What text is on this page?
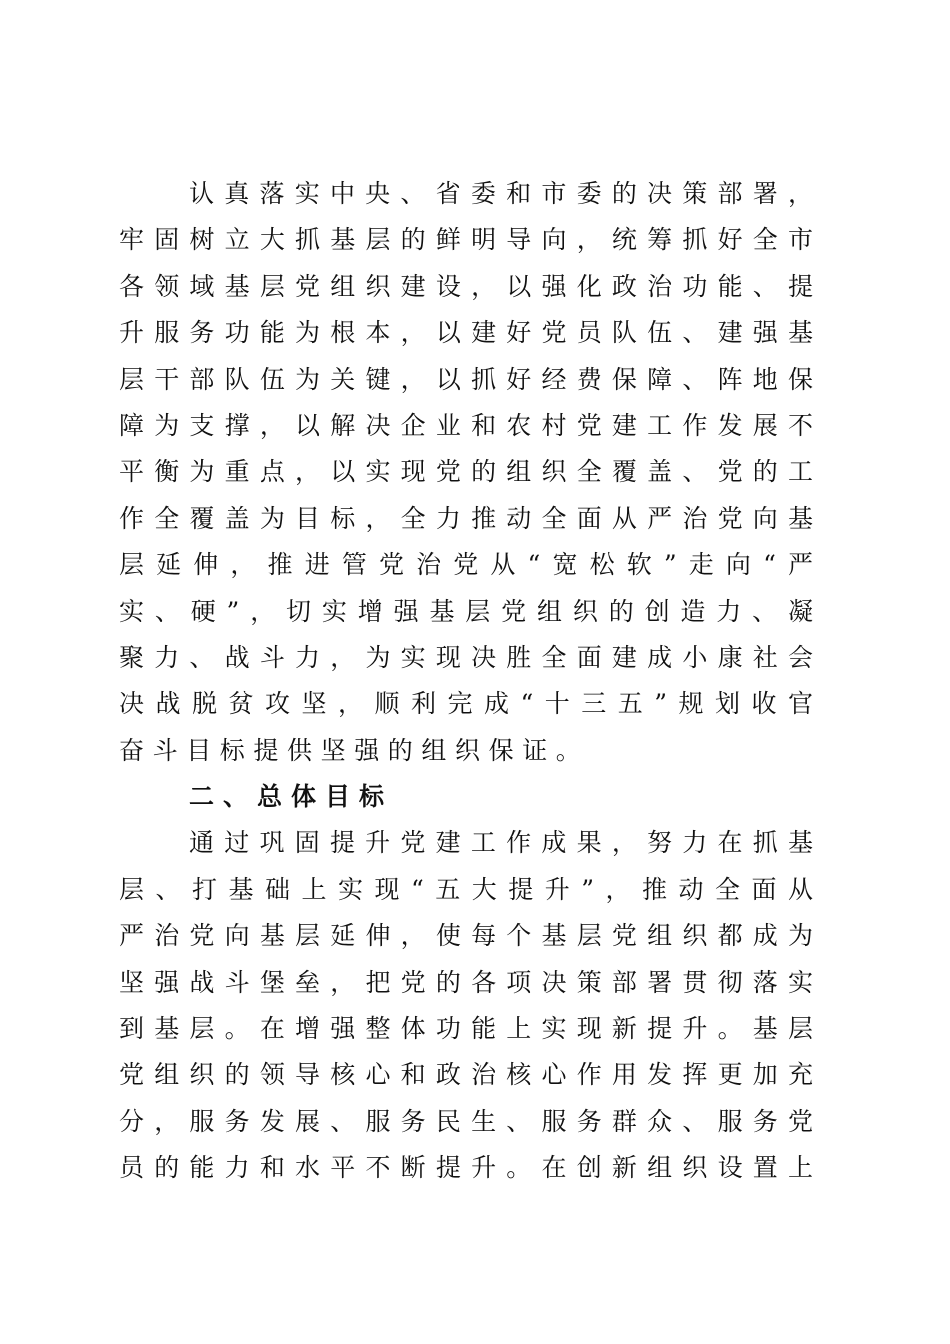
认真落实中央、省委和市委的决策部署，
牢固树立大抓基层的鲜明导向，统筹抓好全市
各领域基层党组织建设，以强化政治功能、提
升服务功能为根本，以建好党员队伍、建强基
层干部队伍为关键，以抓好经费保障、阵地保
障为支撑，以解决企业和农村党建工作发展不
平衡为重点，以实现党的组织全覆盖、党的工
作全覆盖为目标，全力推动全面从严治党向基
层延伸，推进管党治党从“宽松软”走向“严
实、硬”，切实增强基层党组织的创造力、凝
聚力、战斗力，为实现决胜全面建成小康社会
决战脱贫攻坚，顺利完成“十三五”规划收官
奋斗目标提供坚强的组织保证。
二、总体目标
通过巩固提升党建工作成果，努力在抓基
层、打基础上实现“五大提升”，推动全面从
严治党向基层延伸，使每个基层党组织都成为
坚强战斗堡垒，把党的各项决策部署贯彻落实
到基层。在增强整体功能上实现新提升。基层
党组织的领导核心和政治核心作用发挥更加充
分，服务发展、服务民生、服务群众、服务党
员的能力和水平不断提升。在创新组织设置上
